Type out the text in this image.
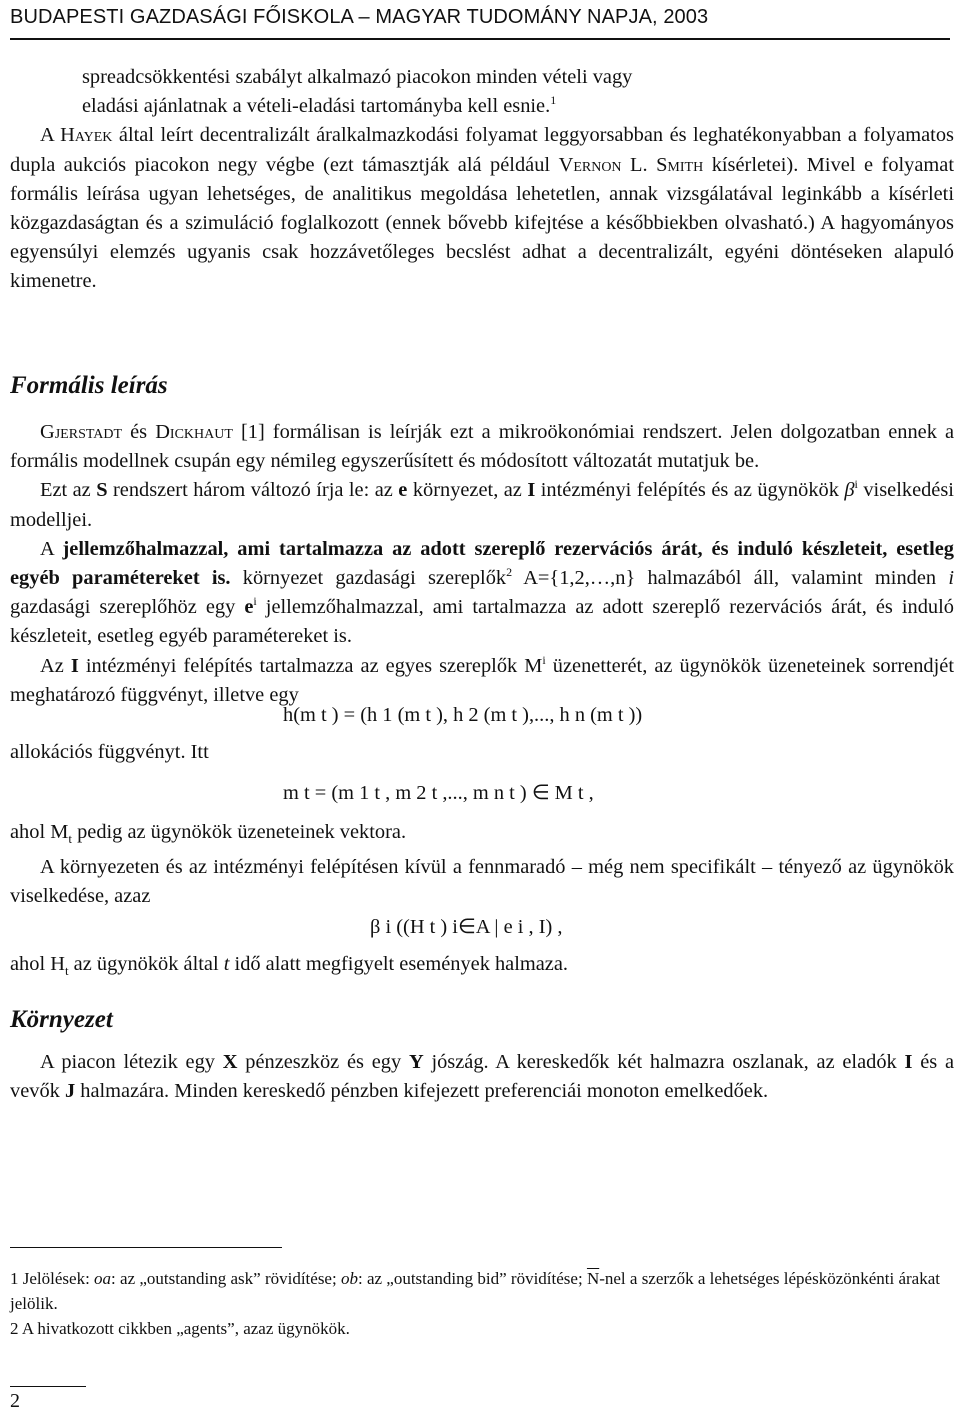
BUDAPESTI GAZDASÁGI FŐISKOLA – MAGYAR TUDOMÁNY NAPJA, 2003

spreadcsökkentési szabályt alkalmazó piacokon minden vételi vagy
eladási ajánlatnak a vételi-eladási tartományba kell esnie.$^1$

A Hayek által leírt decentralizált áralkalmazkodási folyamat leggyorsabban és leghatékonyabban a folyamatos dupla aukciós piacokon negy végbe (ezt támasztják alá például Vernon L. Smith kísérletei). Mivel e folyamat formális leírása ugyan lehetséges, de analitikus megoldása lehetetlen, annak vizsgálatával leginkább a kísérleti közgazdaságtan és a szimuláció foglalkozott (ennek bővebb kifejtése a későbbiekben olvasható.) A hagyományos egyensúlyi elemzés ugyanis csak hozzávetőleges becslést adhat a decentralizált, egyéni döntéseken alapuló kimenetre.

Formális leírás

Gjerstadt és Dickhaut [1] formálisan is leírják ezt a mikroökonómiai rendszert. Jelen dolgozatban ennek a formális modellnek csupán egy némileg egyszerűsített és módosított változatát mutatjuk be.

Ezt az S rendszert három változó írja le: az e környezet, az I intézményi felépítés és az ügynökök β$^i$ viselkedési modelljei.

A jellemzőhalmazzal, ami tartalmazza az adott szereplő rezervációs árát, és induló készleteit, esetleg egyéb paramétereket is. környezet gazdasági szereplők$^2$ A={1,2,…,n} halmazából áll, valamint minden i gazdasági szereplőhöz egy e$^i$ jellemzőhalmazzal, ami tartalmazza az adott szereplő rezervációs árát, és induló készleteit, esetleg egyéb paramétereket is.

Az I intézményi felépítés tartalmazza az egyes szereplők M$^i$ üzenetterét, az ügynökök üzeneteinek sorrendjét meghatározó függvényt, illetve egy

h(m t ) = (h 1 (m t ), h 2 (m t ),..., h n (m t ))

allokációs függvényt. Itt

m t = (m 1 t , m 2 t ,..., m n t ) ∈ M t ,

ahol $M_t$ pedig az ügynökök üzeneteinek vektora.

A környezeten és az intézményi felépítésen kívül a fennmaradó – még nem specifikált – tényező az ügynökök viselkedése, azaz

β i ((H t ) i∈A | e i , I) ,

ahol $H_t$ az ügynökök által t idő alatt megfigyelt események halmaza.

Környezet

A piacon létezik egy X pénzeszköz és egy Y jószág. A kereskedők két halmazra oszlanak, az eladók I és a vevők J halmazára. Minden kereskedő pénzben kifejezett preferenciái monoton emelkedőek.

1 Jelölések: oa: az „outstanding ask” rövidítése; ob: az „outstanding bid” rövidítése; $\overline{N}$-nel a szerzők a lehetséges lépésközönkénti árakat jelölik.

2 A hivatkozott cikkben „agents”, azaz ügynökök.

2
